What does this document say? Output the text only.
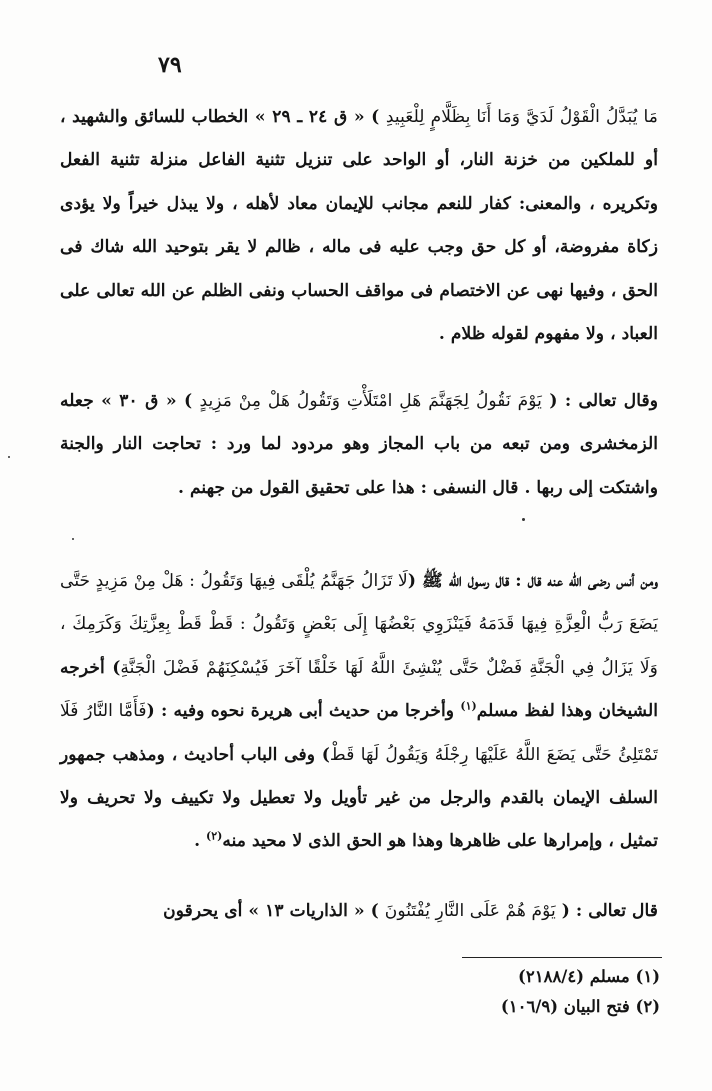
٧٩
مَا يُبَدَّلُ الْقَوْلُ لَدَيَّ وَمَا أَنَا بِظَلَّامٍ لِلْعَبِيدِ ) « ق ٢٤ ـ ٢٩ » الخطاب للسائق والشهيد ، أو للملكين من خزنة النار، أو الواحد على تنزيل تثنية الفاعل منزلة تثنية الفعل وتكريره ، والمعنى: كفار للنعم مجانب للإيمان معاد لأهله ، ولا يبذل خيراً ولا يؤدى زكاة مفروضة، أو كل حق وجب عليه فى ماله ، ظالم لا يقر بتوحيد الله شاك فى الحق ، وفيها نهى عن الاختصام فى مواقف الحساب ونفى الظلم عن الله تعالى على العباد ، ولا مفهوم لقوله ظلام .
وقال تعالى : ( يَوْمَ نَقُولُ لِجَهَنَّمَ هَلِ امْتَلَأْتِ وَتَقُولُ هَلْ مِنْ مَزِيدٍ ) « ق ٣٠ » جعله الزمخشرى ومن تبعه من باب المجاز وهو مردود لما ورد : تحاجت النار والجنة واشتكت إلى ربها . قال النسفى : هذا على تحقيق القول من جهنم .
ومن أنس رضى الله عنه قال : قال رسول الله ﷺ (لَا تَزَالُ جَهَنَّمُ يُلْقَى فِيهَا وَتَقُولُ : هَلْ مِنْ مَزِيدٍ حَتَّى يَضَعَ رَبُّ الْعِزَّةِ فِيهَا قَدَمَهُ فَيَنْزَوِي بَعْضُهَا إِلَى بَعْضٍ وَتَقُولُ : قَطْ قَطْ بِعِزَّتِكَ وَكَرَمِكَ ، وَلَا يَزَالُ فِي الْجَنَّةِ فَضْلٌ حَتَّى يُنْشِئَ اللَّهُ لَهَا خَلْقًا آخَرَ فَيُسْكِنَهُمْ فَضْلَ الْجَنَّةِ) أخرجه الشيخان وهذا لفظ مسلم$^{(١)}$ وأخرجا من حديث أبى هريرة نحوه وفيه : (فَأَمَّا النَّارُ فَلَا تَمْتَلِئُ حَتَّى يَضَعَ اللَّهُ عَلَيْهَا رِجْلَهُ وَيَقُولُ لَهَا قَطْ) وفى الباب أحاديث ، ومذهب جمهور السلف الإيمان بالقدم والرجل من غير تأويل ولا تعطيل ولا تكييف ولا تحريف ولا تمثيل ، وإمرارها على ظاهرها وهذا هو الحق الذى لا محيد منه$^{(٢)}$ .
قال تعالى : ( يَوْمَ هُمْ عَلَى النَّارِ يُفْتَنُونَ ) « الذاريات ١٣ » أى يحرقون
(١) مسلم (٢١٨٨/٤)
(٢) فتح البيان (١٠٦/٩)
